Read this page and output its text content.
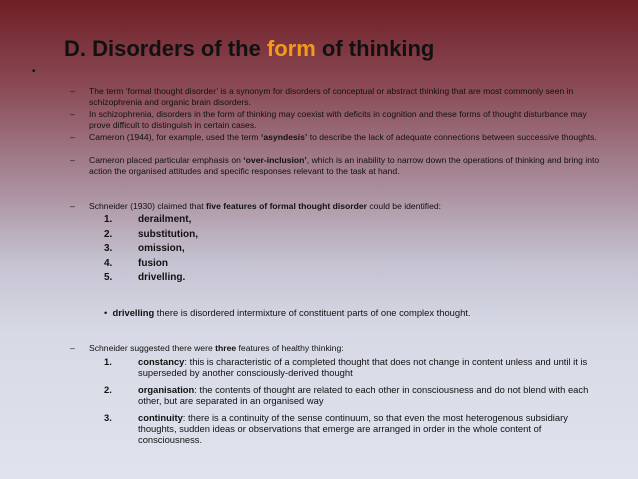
D. Disorders of the form of thinking
•
– The term ‘formal thought disorder’ is a synonym for disorders of conceptual or abstract thinking that are most commonly seen in schizophrenia and organic brain disorders.
– In schizophrenia, disorders in the form of thinking may coexist with deficits in cognition and these forms of thought disturbance may prove difficult to distinguish in certain cases.
– Cameron (1944), for example, used the term ‘asyndesis’ to describe the lack of adequate connections between successive thoughts.
– Cameron placed particular emphasis on ‘over-inclusion’, which is an inability to narrow down the operations of thinking and bring into action the organised attitudes and specific responses relevant to the task at hand.
– Schneider (1930) claimed that five features of formal thought disorder could be identified:
1.	derailment,
2.	substitution,
3.	omission,
4.	fusion
5.	drivelling.
• drivelling there is disordered intermixture of constituent parts of one complex thought.
– Schneider suggested there were three features of healthy thinking:
1.	constancy: this is characteristic of a completed thought that does not change in content unless and until it is superseded by another consciously-derived thought
2.	organisation: the contents of thought are related to each other in consciousness and do not blend with each other, but are separated in an organised way
3.	continuity: there is a continuity of the sense continuum, so that even the most heterogenous subsidiary thoughts, sudden ideas or observations that emerge are arranged in order in the whole content of consciousness.
